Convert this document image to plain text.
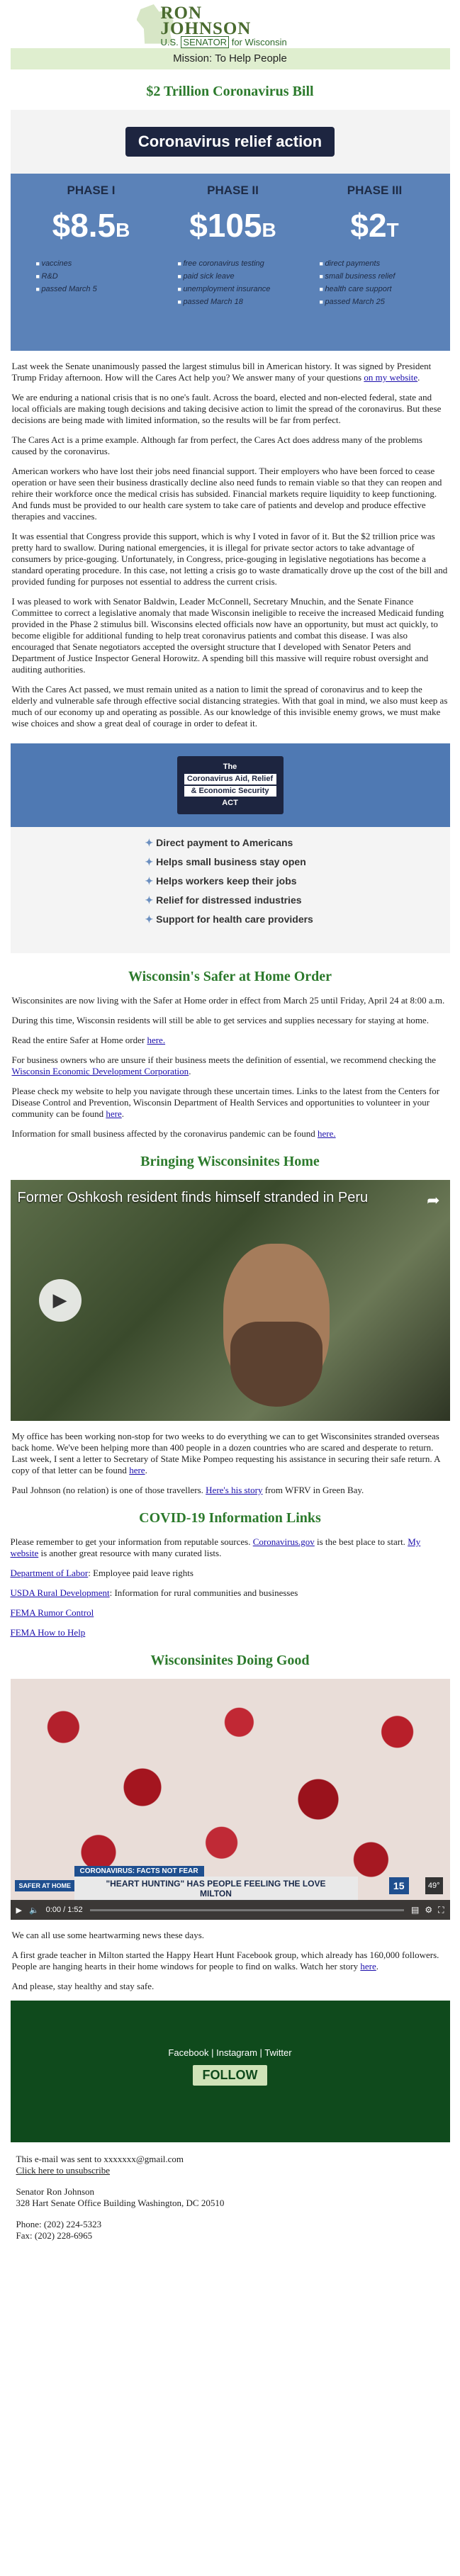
RON
JOHNSON
U.S. SENATOR for Wisconsin
Mission: To Help People
$2 Trillion Coronavirus Bill
Coronavirus relief action
PHASE I
$8.5B
■ vaccines
■ R&D
■ passed March 5
PHASE II
$105B
■ free coronavirus testing
■ paid sick leave
■ unemployment insurance
■ passed March 18
PHASE III
$2T
■ direct payments
■ small business relief
■ health care support
■ passed March 25

Last week the Senate unanimously passed the largest stimulus bill in American history. It was signed by President Trump Friday afternoon. How will the Cares Act help you? We answer many of your questions on my website.

We are enduring a national crisis that is no one's fault. Across the board, elected and non-elected federal, state and local officials are making tough decisions and taking decisive action to limit the spread of the coronavirus. But these decisions are being made with limited information, so the results will be far from perfect.

The Cares Act is a prime example. Although far from perfect, the Cares Act does address many of the problems caused by the coronavirus.

American workers who have lost their jobs need financial support. Their employers who have been forced to cease operation or have seen their business drastically decline also need funds to remain viable so that they can reopen and rehire their workforce once the medical crisis has subsided. Financial markets require liquidity to keep functioning. And funds must be provided to our health care system to take care of patients and develop and produce effective therapies and vaccines.

It was essential that Congress provide this support, which is why I voted in favor of it. But the $2 trillion price was pretty hard to swallow. During national emergencies, it is illegal for private sector actors to take advantage of consumers by price-gouging. Unfortunately, in Congress, price-gouging in legislative negotiations has become a standard operating procedure. In this case, not letting a crisis go to waste dramatically drove up the cost of the bill and provided funding for purposes not essential to address the current crisis.

I was pleased to work with Senator Baldwin, Leader McConnell, Secretary Mnuchin, and the Senate Finance Committee to correct a legislative anomaly that made Wisconsin ineligible to receive the increased Medicaid funding provided in the Phase 2 stimulus bill. Wisconsins elected officials now have an opportunity, but must act quickly, to become eligible for additional funding to help treat coronavirus patients and combat this disease. I was also encouraged that Senate negotiators accepted the oversight structure that I developed with Senator Peters and Department of Justice Inspector General Horowitz. A spending bill this massive will require robust oversight and auditing authorities.

With the Cares Act passed, we must remain united as a nation to limit the spread of coronavirus and to keep the elderly and vulnerable safe through effective social distancing strategies. With that goal in mind, we also must keep as much of our economy up and operating as possible. As our knowledge of this invisible enemy grows, we must make wise choices and show a great deal of courage in order to defeat it.

The
Coronavirus Aid, Relief
& Economic Security
ACT
✦ Direct payment to Americans
✦ Helps small business stay open
✦ Helps workers keep their jobs
✦ Relief for distressed industries
✦ Support for health care providers
Wisconsin's Safer at Home Order

Wisconsinites are now living with the Safer at Home order in effect from March 25 until Friday, April 24 at 8:00 a.m.

During this time, Wisconsin residents will still be able to get services and supplies necessary for staying at home.

Read the entire Safer at Home order here.

For business owners who are unsure if their business meets the definition of essential, we recommend checking the Wisconsin Economic Development Corporation.

Please check my website to help you navigate through these uncertain times. Links to the latest from the Centers for Disease Control and Prevention, Wisconsin Department of Health Services and opportunities to volunteer in your community can be found here.

Information for small business affected by the coronavirus pandemic can be found here.

Bringing Wisconsinites Home
Former Oshkosh resident finds himself stranded in Peru	➦
▶

My office has been working non-stop for two weeks to do everything we can to get Wisconsinites stranded overseas back home. We've been helping more than 400 people in a dozen countries who are scared and desperate to return. Last week, I sent a letter to Secretary of State Mike Pompeo requesting his assistance in securing their safe return. A copy of that letter can be found here.

Paul Johnson (no relation) is one of those travellers. Here's his story from WFRV in Green Bay.

COVID-19 Information Links

Please remember to get your information from reputable sources. Coronavirus.gov is the best place to start. My website is another great resource with many curated lists.

Department of Labor: Employee paid leave rights

USDA Rural Development: Information for rural communities and businesses

FEMA Rumor Control

FEMA How to Help

Wisconsinites Doing Good
SAFER AT HOME
CORONAVIRUS: FACTS NOT FEAR
"HEART HUNTING" HAS PEOPLE FEELING THE LOVE
MILTON
15	49°
▶ 🔈 0:00 / 1:52	▤ ⚙ ⛶

We can all use some heartwarming news these days.

A first grade teacher in Milton started the Happy Heart Hunt Facebook group, which already has 160,000 followers. People are hanging hearts in their home windows for people to find on walks. Watch her story here.

And please, stay healthy and stay safe.

Facebook | Instagram | Twitter
FOLLOW

This e-mail was sent to xxxxxxx@gmail.com
Click here to unsubscribe

Senator Ron Johnson
328 Hart Senate Office Building Washington, DC 20510

Phone: (202) 224-5323
Fax: (202) 228-6965
